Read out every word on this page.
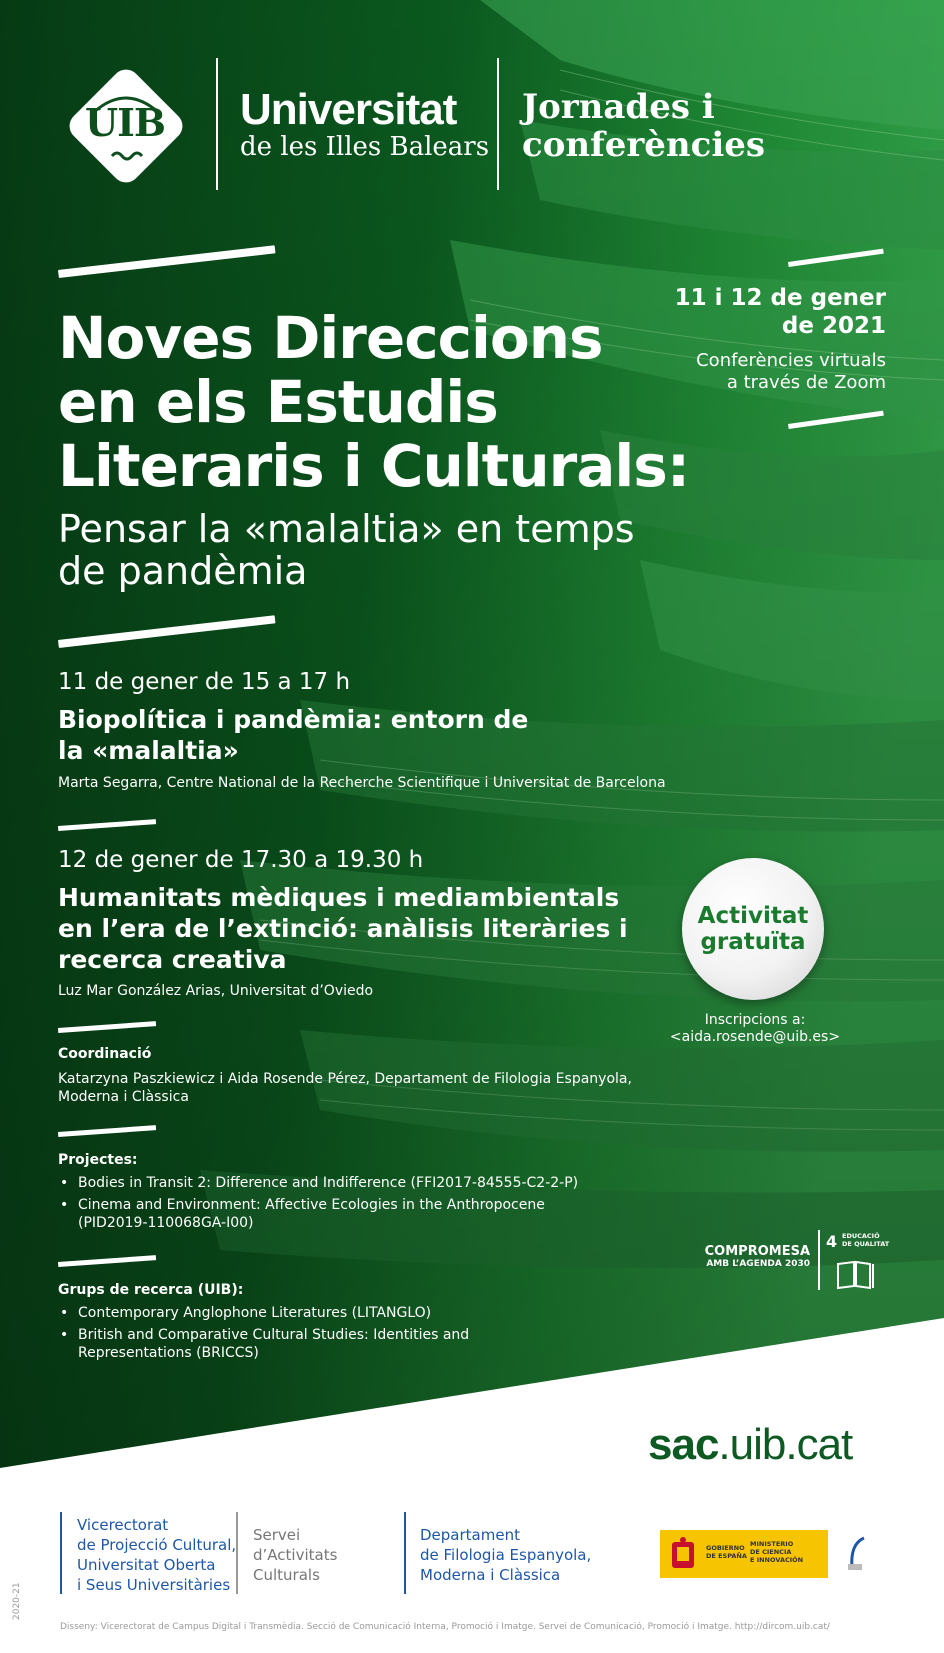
UIB	Universitat
de les Illes Balears
Jornades i
conferències
Noves Direccions
en els Estudis
Literaris i Culturals:
Pensar la «malaltia» en temps
de pandèmia
11 i 12 de gener
de 2021
Conferències virtuals
a través de Zoom
11 de gener de 15 a 17 h
Biopolítica i pandèmia: entorn de
la «malaltia»
Marta Segarra, Centre National de la Recherche Scientifique i Universitat de Barcelona
12 de gener de 17.30 a 19.30 h
Humanitats mèdiques i mediambientals
en l’era de l’extinció: anàlisis literàries i
recerca creativa
Luz Mar González Arias, Universitat d’Oviedo
Coordinació
Katarzyna Paszkiewicz i Aida Rosende Pérez, Departament de Filologia Espanyola,
Moderna i Clàssica
Projectes:
• Bodies in Transit 2: Difference and Indifference (FFI2017-84555-C2-2-P)
• Cinema and Environment: Affective Ecologies in the Anthropocene
(PID2019-110068GA-I00)
Grups de recerca (UIB):
• Contemporary Anglophone Literatures (LITANGLO)
• British and Comparative Cultural Studies: Identities and
Representations (BRICCS)
Activitat
gratuïta
Inscripcions a:
<aida.rosende@uib.es>
COMPROMESA
AMB L’AGENDA 2030
4 EDUCACIÓ
DE QUALITAT
sac.uib.cat
Vicerectorat
de Projecció Cultural,
Universitat Oberta
i Seus Universitàries
Servei
d’Activitats
Culturals
Departament
de Filologia Espanyola,
Moderna i Clàssica
GOBIERNO
DE ESPAÑA
MINISTERIO
DE CIENCIA
E INNOVACIÓN
Disseny: Vicerectorat de Campus Digital i Transmèdia. Secció de Comunicació Interna, Promoció i Imatge. Servei de Comunicació, Promoció i Imatge. http://dircom.uib.cat/
2020-21
